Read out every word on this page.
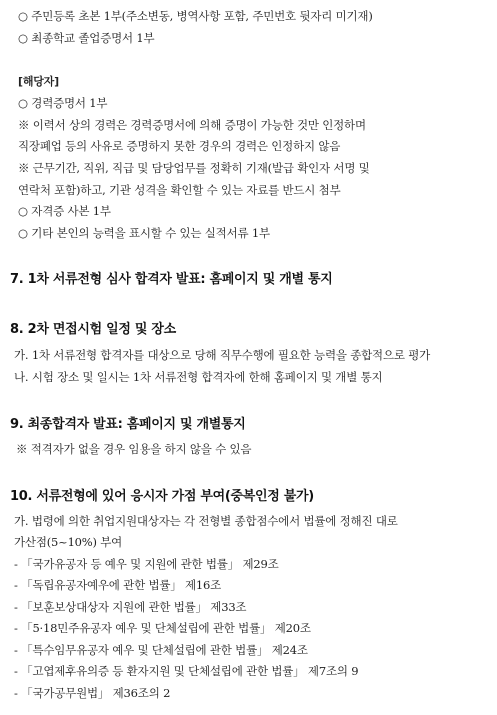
○ 주민등록 초본 1부(주소변동, 병역사항 포함, 주민번호 뒷자리 미기재)
○ 최종학교 졸업증명서 1부
[해당자]
○ 경력증명서 1부
※ 이력서 상의 경력은 경력증명서에 의해 증명이 가능한 것만 인정하며
직장폐업 등의 사유로 증명하지 못한 경우의 경력은 인정하지 않음
※ 근무기간, 직위, 직급 및 담당업무를 정확히 기재(발급 확인자 서명 및
연락처 포함)하고, 기관 성격을 확인할 수 있는 자료를 반드시 첨부
○ 자격증 사본 1부
○ 기타 본인의 능력을 표시할 수 있는 실적서류 1부
7. 1차 서류전형 심사 합격자 발표: 홈페이지 및 개별 통지
8. 2차 면접시험 일정 및 장소
가. 1차 서류전형 합격자를 대상으로 당해 직무수행에 필요한 능력을 종합적으로 평가
나. 시험 장소 및 일시는 1차 서류전형 합격자에 한해 홈페이지 및 개별 통지
9. 최종합격자 발표: 홈페이지 및 개별통지
※ 적격자가 없을 경우 임용을 하지 않을 수 있음
10. 서류전형에 있어 응시자 가점 부여(중복인정 불가)
가. 법령에 의한 취업지원대상자는 각 전형별 종합점수에서 법률에 정해진 대로
가산점(5~10%) 부여
- 「국가유공자 등 예우 및 지원에 관한 법률」 제29조
- 「독립유공자예우에 관한 법률」 제16조
- 「보훈보상대상자 지원에 관한 법률」 제33조
- 「5·18민주유공자 예우 및 단체설립에 관한 법률」 제20조
- 「특수임무유공자 예우 및 단체설립에 관한 법률」 제24조
- 「고엽제후유의증 등 환자지원 및 단체설립에 관한 법률」 제7조의 9
- 「국가공무원법」 제36조의 2
